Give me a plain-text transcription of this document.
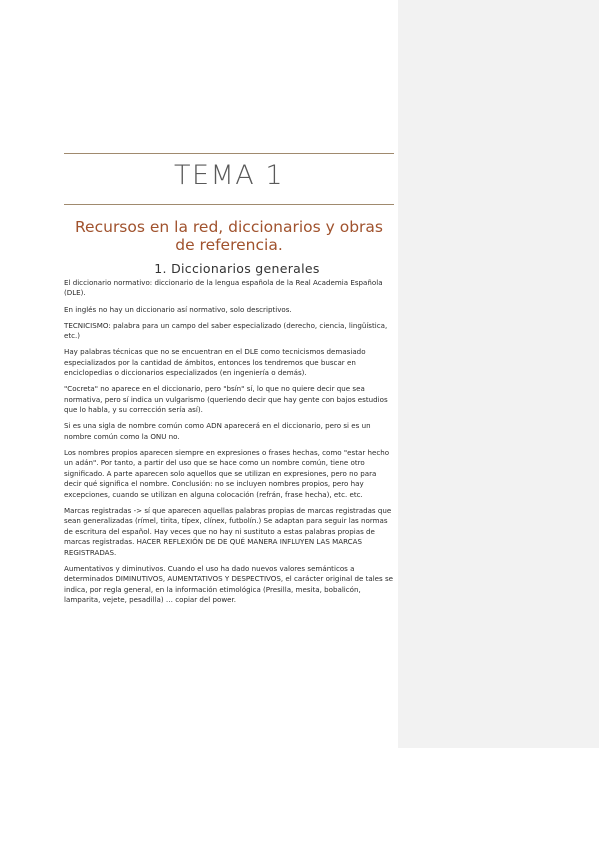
TEMA 1
Recursos en la red, diccionarios y obras de referencia.
1. Diccionarios generales

El diccionario normativo: diccionario de la lengua española de la Real Academia Española (DLE).

En inglés no hay un diccionario así normativo, solo descriptivos.

TECNICISMO: palabra para un campo del saber especializado (derecho, ciencia, lingüística, etc.)

Hay palabras técnicas que no se encuentran en el DLE como tecnicismos demasiado especializados por la cantidad de ámbitos, entonces los tendremos que buscar en enciclopedias o diccionarios especializados (en ingeniería o demás).

"Cocreta" no aparece en el diccionario, pero "bsín" sí, lo que no quiere decir que sea normativa, pero sí indica un vulgarismo (queriendo decir que hay gente con bajos estudios que lo habla, y su corrección sería así).

Si es una sigla de nombre común como ADN aparecerá en el diccionario, pero si es un nombre común como la ONU no.

Los nombres propios aparecen siempre en expresiones o frases hechas, como "estar hecho un adán". Por tanto, a partir del uso que se hace como un nombre común, tiene otro significado. A parte aparecen solo aquellos que se utilizan en expresiones, pero no para decir qué significa el nombre. Conclusión: no se incluyen nombres propios, pero hay excepciones, cuando se utilizan en alguna colocación (refrán, frase hecha), etc. etc.

Marcas registradas -> sí que aparecen aquellas palabras propias de marcas registradas que sean generalizadas (rímel, tirita, típex, clínex, futbolín.) Se adaptan para seguir las normas de escritura del español. Hay veces que no hay ni sustituto a estas palabras propias de marcas registradas. HACER REFLEXIÓN DE DE QUÉ MANERA INFLUYEN LAS MARCAS REGISTRADAS.

Aumentativos y diminutivos. Cuando el uso ha dado nuevos valores semánticos a determinados DIMINUTIVOS, AUMENTATIVOS Y DESPECTIVOS, el carácter original de tales se indica, por regla general, en la información etimológica (Presilla, mesita, bobalicón, lamparita, vejete, pesadilla) … copiar del power.
